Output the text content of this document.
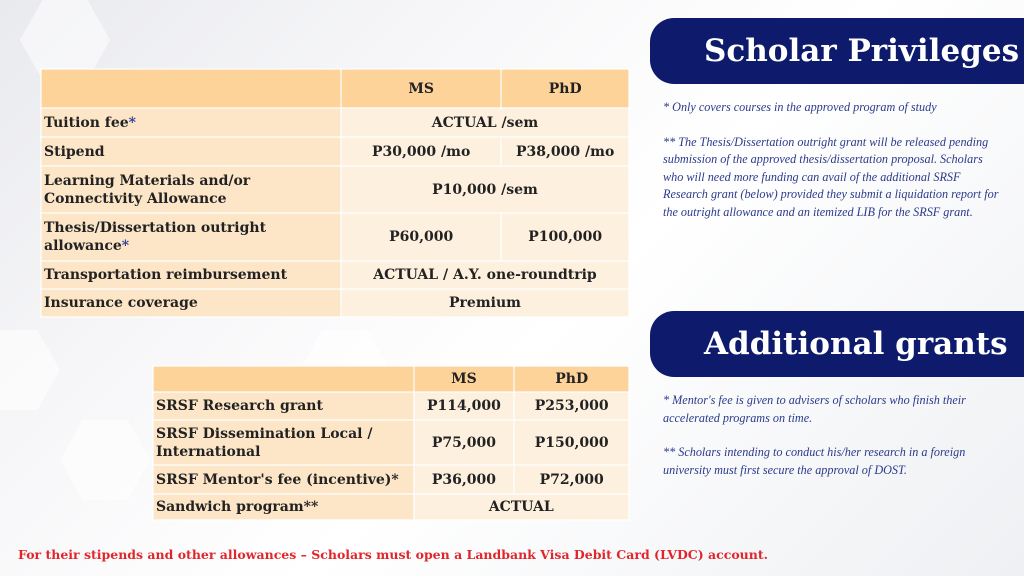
	MS	PhD
Tuition fee*	ACTUAL /sem	
Stipend	P30,000 /mo	P38,000 /mo
Learning Materials and/or Connectivity Allowance	P10,000 /sem	
Thesis/Dissertation outright allowance*	P60,000	P100,000
Transportation reimbursement	ACTUAL / A.Y. one-roundtrip	
Insurance coverage	Premium	
	MS	PhD
SRSF Research grant	P114,000	P253,000
SRSF Dissemination Local / International	P75,000	P150,000
SRSF Mentor's fee (incentive)*	P36,000	P72,000
Sandwich program**	ACTUAL	
Scholar Privileges

* Only covers courses in the approved program of study

** The Thesis/Dissertation outright grant will be released pending submission of the approved thesis/dissertation proposal. Scholars who will need more funding can avail of the additional SRSF Research grant (below) provided they submit a liquidation report for the outright allowance and an itemized LIB for the SRSF grant.

Additional grants

* Mentor's fee is given to advisers of scholars who finish their accelerated programs on time.

** Scholars intending to conduct his/her research in a foreign university must first secure the approval of DOST.

For their stipends and other allowances – Scholars must open a Landbank Visa Debit Card (LVDC) account.
